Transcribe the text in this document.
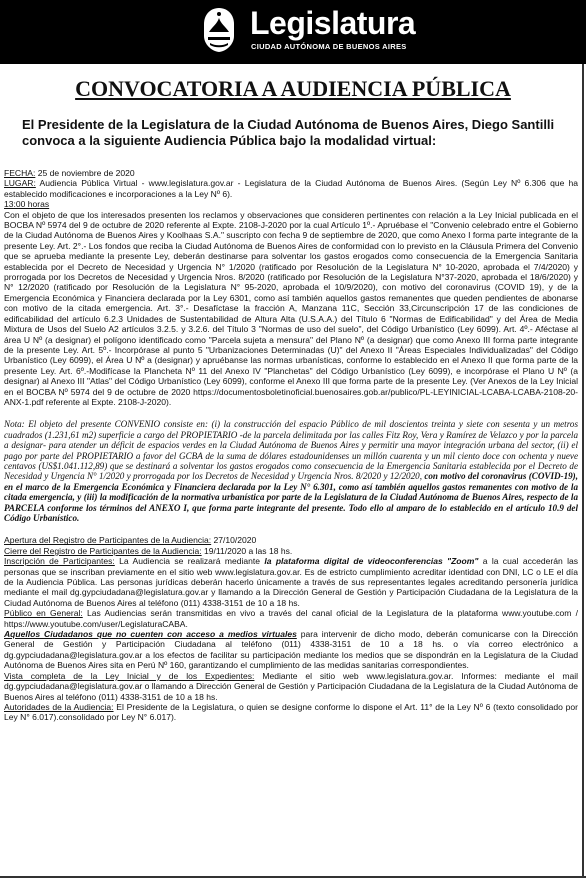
Legislatura
CIUDAD AUTÓNOMA DE BUENOS AIRES
CONVOCATORIA A AUDIENCIA PÚBLICA
El Presidente de la Legislatura de la Ciudad Autónoma de Buenos Aires, Diego Santilli convoca a la siguiente Audiencia Pública bajo la modalidad virtual:

FECHA: 25 de noviembre de 2020

LUGAR: Audiencia Pública Virtual - www.legislatura.gov.ar - Legislatura de la Ciudad Autónoma de Buenos Aires. (Según Ley Nº 6.306 que ha establecido modificaciones e incorporaciones a la Ley Nº 6).

13:00 horas

Con el objeto de que los interesados presenten los reclamos y observaciones que consideren pertinentes con relación a la Ley Inicial publicada en el BOCBA Nº 5974 del 9 de octubre de 2020 referente al Expte. 2108-J-2020 por la cual Artículo 1º.- Apruébase el "Convenio celebrado entre el Gobierno de la Ciudad Autónoma de Buenos Aires y Koolhaas S.A." suscripto con fecha 9 de septiembre de 2020, que como Anexo I forma parte integrante de la presente Ley. Art. 2°.- Los fondos que reciba la Ciudad Autónoma de Buenos Aires de conformidad con lo previsto en la Cláusula Primera del Convenio que se aprueba mediante la presente Ley, deberán destinarse para solventar los gastos erogados como consecuencia de la Emergencia Sanitaria establecida por el Decreto de Necesidad y Urgencia N° 1/2020 (ratificado por Resolución de la Legislatura N° 10-2020, aprobada el 7/4/2020) y prorrogada por los Decretos de Necesidad y Urgencia Nros. 8/2020 (ratificado por Resolución de la Legislatura N°37-2020, aprobada el 18/6/2020) y N° 12/2020 (ratificado por Resolución de la Legislatura N° 95-2020, aprobada el 10/9/2020), con motivo del coronavirus (COVID 19), y de la Emergencia Económica y Financiera declarada por la Ley 6301, como así también aquellos gastos remanentes que queden pendientes de abonarse con motivo de la citada emergencia. Art. 3°.- Desafíctase la fracción A, Manzana 11C, Sección 33,Circunscripción 17 de las condiciones de edificabilidad del artículo 6.2.3 Unidades de Sustentabilidad de Altura Alta (U.S.A.A.) del Título 6 "Normas de Edificabilidad" y del Área de Media Mixtura de Usos del Suelo A2 artículos 3.2.5. y 3.2.6. del Título 3 "Normas de uso del suelo", del Código Urbanístico (Ley 6099). Art. 4º.- Aféctase al área U Nº (a designar) el polígono identificado como "Parcela sujeta a mensura" del Plano Nº (a designar) que como Anexo III forma parte integrante de la presente Ley. Art. 5º.- Incorpórase al punto 5 "Urbanizaciones Determinadas (U)" del Anexo II "Áreas Especiales Individualizadas" del Código Urbanístico (Ley 6099), el Área U Nº a (designar) y apruébanse las normas urbanísticas, conforme lo establecido en el Anexo II que forma parte de la presente Ley. Art. 6º.-Modifícase la Plancheta Nº 11 del Anexo IV "Planchetas" del Código Urbanístico (Ley 6099), e incorpórase el Plano U Nº (a designar) al Anexo III "Atlas" del Código Urbanístico (Ley 6099), conforme el Anexo III que forma parte de la presente Ley. (Ver Anexos de la Ley Inicial en el BOCBA Nº 5974 del 9 de octubre de 2020 https://documentosboletinoficial.buenosaires.gob.ar/publico/PL-LEYINICIAL-LCABA-LCABA-2108-20-ANX-1.pdf referente al Expte. 2108-J-2020).

Nota: El objeto del presente CONVENIO consiste en: (i) la construcción del espacio Público de mil doscientos treinta y siete con sesenta y un metros cuadrados (1.231,61 m2) superficie a cargo del PROPIETARIO -de la parcela delimitada por las calles Fitz Roy, Vera y Ramírez de Velazco y por la parcela a designar- para atender un déficit de espacios verdes en la Ciudad Autónoma de Buenos Aires y permitir una mayor integración urbana del sector, (ii) el pago por parte del PROPIETARIO a favor del GCBA de la suma de dólares estadounidenses un millón cuarenta y un mil ciento doce con ochenta y nueve centavos (US$1.041.112,89) que se destinará a solventar los gastos erogados como consecuencia de la Emergencia Sanitaria establecida por el Decreto de Necesidad y Urgencia N° 1/2020 y prorrogada por los Decretos de Necesidad y Urgencia Nros. 8/2020 y 12/2020, con motivo del coronavirus (COVID-19), en el marco de la Emergencia Económica y Financiera declarada por la Ley N° 6.301, como así también aquellos gastos remanentes con motivo de la citada emergencia, y (iii) la modificación de la normativa urbanística por parte de la Legislatura de la Ciudad Autónoma de Buenos Aires, respecto de la PARCELA conforme los términos del ANEXO I, que forma parte integrante del presente. Todo ello al amparo de lo establecido en el artículo 10.9 del Código Urbanístico.

Apertura del Registro de Participantes de la Audiencia: 27/10/2020

Cierre del Registro de Participantes de la Audiencia: 19/11/2020 a las 18 hs.

Inscripción de Participantes: La Audiencia se realizará mediante la plataforma digital de videoconferencias "Zoom" a la cual accederán las personas que se inscriban previamente en el sitio web www.legislatura.gov.ar. Es de estricto cumplimiento acreditar identidad con DNI, LC o LE el día de la Audiencia Pública. Las personas jurídicas deberán hacerlo únicamente a través de sus representantes legales acreditando personería jurídica mediante el mail dg.gypciudadana@legislatura.gov.ar y llamando a la Dirección General de Gestión y Participación Ciudadana de la Legislatura de la Ciudad Autónoma de Buenos Aires al teléfono (011) 4338-3151 de 10 a 18 hs.

Público en General: Las Audiencias serán transmitidas en vivo a través del canal oficial de la Legislatura de la plataforma www.youtube.com / https://www.youtube.com/user/LegislaturaCABA.

Aquellos Ciudadanos que no cuenten con acceso a medios virtuales para intervenir de dicho modo, deberán comunicarse con la Dirección General de Gestión y Participación Ciudadana al teléfono (011) 4338-3151 de 10 a 18 hs. o vía correo electrónico a dg.gypciudadana@legislatura.gov.ar a los efectos de facilitar su participación mediante los medios que se dispondrán en la Legislatura de la Ciudad Autónoma de Buenos Aires sita en Perú Nº 160, garantizando el cumplimiento de las medidas sanitarias correspondientes.

Vista completa de la Ley Inicial y de los Expedientes: Mediante el sitio web www.legislatura.gov.ar. Informes: mediante el mail dg.gypciudadana@legislatura.gov.ar o llamando a Dirección General de Gestión y Participación Ciudadana de la Legislatura de la Ciudad Autónoma de Buenos Aires al teléfono (011) 4338-3151 de 10 a 18 hs.

Autoridades de la Audiencia: El Presidente de la Legislatura, o quien se designe conforme lo dispone el Art. 11° de la Ley Nº 6 (texto consolidado por Ley N° 6.017).consolidado por Ley N° 6.017).
